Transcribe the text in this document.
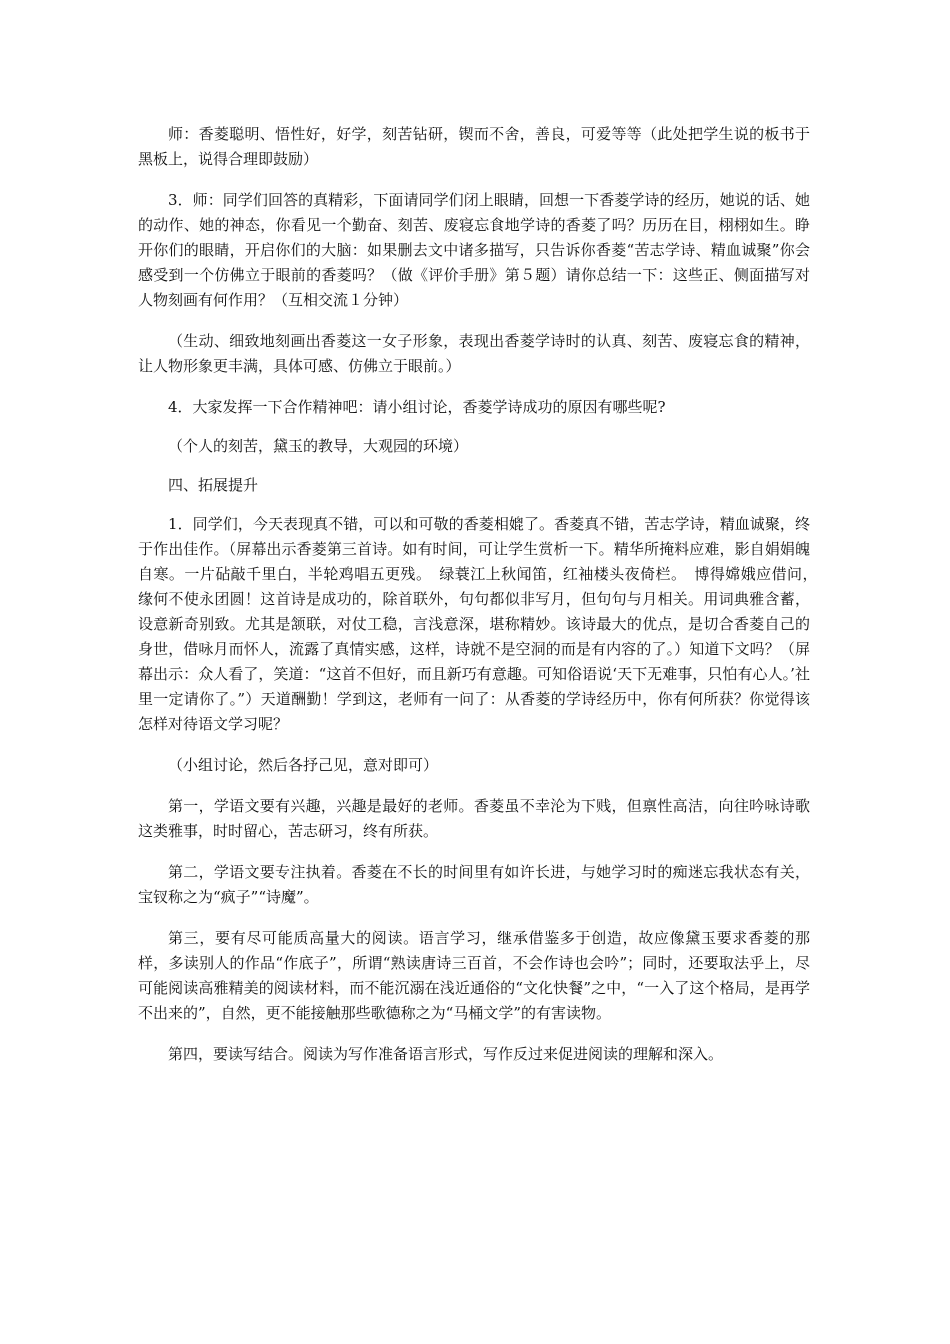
师：香菱聪明、悟性好，好学，刻苦钻研，锲而不舍，善良，可爱等等（此处把学生说的板书于黑板上，说得合理即鼓励）

3．师：同学们回答的真精彩，下面请同学们闭上眼睛，回想一下香菱学诗的经历，她说的话、她的动作、她的神态，你看见一个勤奋、刻苦、废寝忘食地学诗的香菱了吗？历历在目，栩栩如生。睁开你们的眼睛，开启你们的大脑：如果删去文中诸多描写，只告诉你香菱“苦志学诗、精血诚聚”你会感受到一个仿佛立于眼前的香菱吗？（做《评价手册》第５题）请你总结一下：这些正、侧面描写对人物刻画有何作用？（互相交流１分钟）

（生动、细致地刻画出香菱这一女子形象，表现出香菱学诗时的认真、刻苦、废寝忘食的精神，让人物形象更丰满，具体可感、仿佛立于眼前。）

4．大家发挥一下合作精神吧：请小组讨论，香菱学诗成功的原因有哪些呢?

（个人的刻苦，黛玉的教导，大观园的环境）

四、拓展提升

1．同学们，今天表现真不错，可以和可敬的香菱相媲了。香菱真不错，苦志学诗，精血诚聚，终于作出佳作。（屏幕出示香菱第三首诗。如有时间，可让学生赏析一下。精华所掩料应难，影自娟娟魄自寒。一片砧敲千里白，半轮鸡唱五更残。　绿蓑江上秋闻笛，红袖楼头夜倚栏。　博得嫦娥应借问，　缘何不使永团圆！这首诗是成功的，除首联外，句句都似非写月，但句句与月相关。用词典雅含蓄，设意新奇别致。尤其是颔联，对仗工稳，言浅意深，堪称精妙。该诗最大的优点，是切合香菱自己的身世，借咏月而怀人，流露了真情实感，这样，诗就不是空洞的而是有内容的了。）知道下文吗？（屏幕出示：众人看了，笑道：“这首不但好，而且新巧有意趣。可知俗语说‘天下无难事，只怕有心人。’社里一定请你了。”）天道酬勤！学到这，老师有一问了：从香菱的学诗经历中，你有何所获？你觉得该怎样对待语文学习呢？

（小组讨论，然后各抒己见，意对即可）

第一，学语文要有兴趣，兴趣是最好的老师。香菱虽不幸沦为下贱，但禀性高洁，向往吟咏诗歌这类雅事，时时留心，苦志研习，终有所获。

第二，学语文要专注执着。香菱在不长的时间里有如许长进，与她学习时的痴迷忘我状态有关，宝钗称之为“疯子”“诗魔”。

第三，要有尽可能质高量大的阅读。语言学习，继承借鉴多于创造，故应像黛玉要求香菱的那样，多读别人的作品“作底子”，所谓“熟读唐诗三百首，不会作诗也会吟”；同时，还要取法乎上，尽可能阅读高雅精美的阅读材料，而不能沉溺在浅近通俗的“文化快餐”之中，“一入了这个格局，是再学不出来的”，自然，更不能接触那些歌德称之为“马桶文学”的有害读物。

第四，要读写结合。阅读为写作准备语言形式，写作反过来促进阅读的理解和深入。
